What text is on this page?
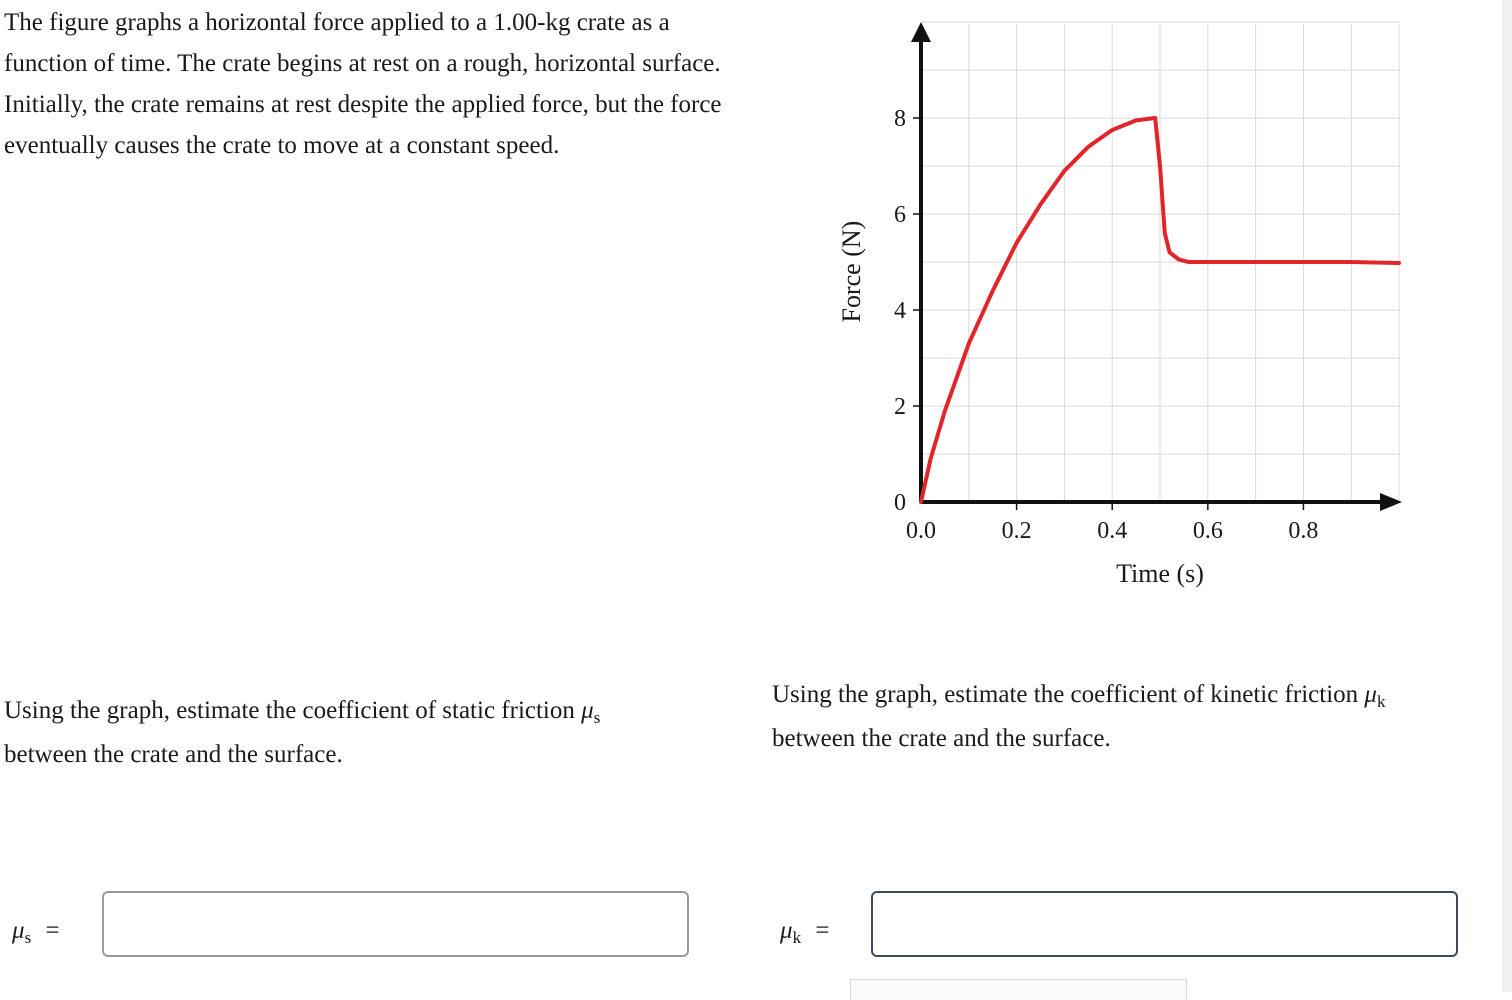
The figure graphs a horizontal force applied to a 1.00-kg crate as a function of time. The crate begins at rest on a rough, horizontal surface. Initially, the crate remains at rest despite the applied force, but the force eventually causes the crate to move at a constant speed.

0
2
4
6
8
0.0	0.2	0.4	0.6	0.8
Time (s)
Force (N)

Using the graph, estimate the coefficient of static friction $\mu_s$
between the crate and the surface.

Using the graph, estimate the coefficient of kinetic friction $\mu_k$
between the crate and the surface.

$\mu_s$ =	$\mu_k$ =
